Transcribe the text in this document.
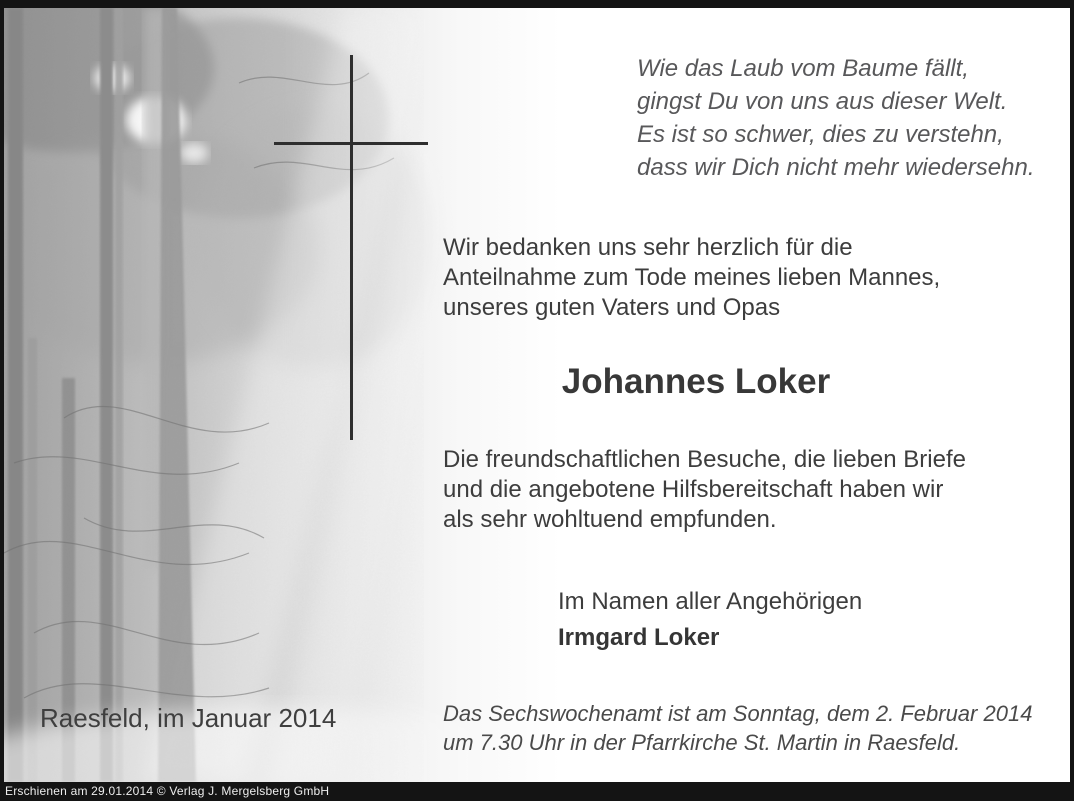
Wie das Laub vom Baume fällt,
gingst Du von uns aus dieser Welt.
Es ist so schwer, dies zu verstehn,
dass wir Dich nicht mehr wiedersehn.
Wir bedanken uns sehr herzlich für die
Anteilnahme zum Tode meines lieben Mannes,
unseres guten Vaters und Opas
Johannes Loker
Die freundschaftlichen Besuche, die lieben Briefe
und die angebotene Hilfsbereitschaft haben wir
als sehr wohltuend empfunden.
Im Namen aller Angehörigen
Irmgard Loker
Das Sechswochenamt ist am Sonntag, dem 2. Februar 2014
um 7.30 Uhr in der Pfarrkirche St. Martin in Raesfeld.
Raesfeld, im Januar 2014
Erschienen am 29.01.2014 © Verlag J. Mergelsberg GmbH
